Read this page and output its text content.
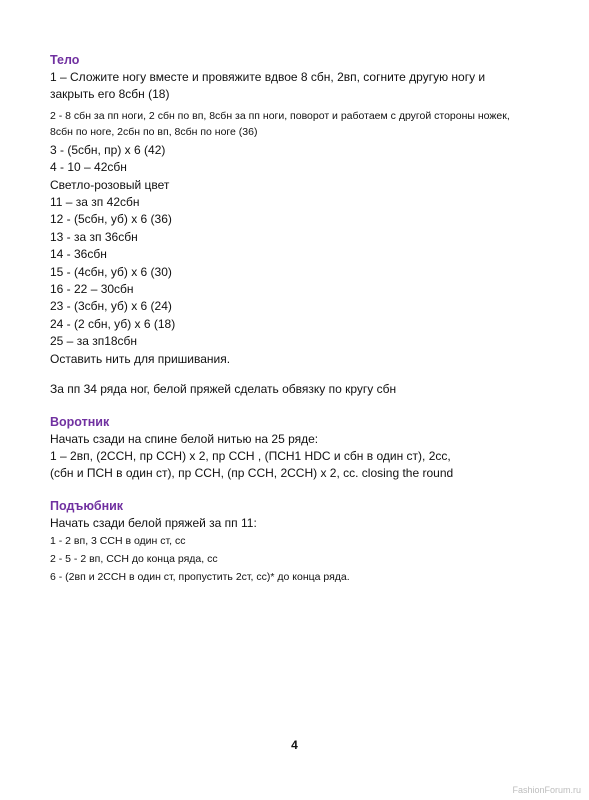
Тело

1 – Сложите ногу вместе и провяжите вдвое 8 сбн, 2вп, согните другую ногу и закрыть его 8сбн (18)

2 - 8 сбн за пп ноги, 2 сбн по вп, 8сбн за пп ноги, поворот и работаем с другой стороны ножек, 8сбн по ноге, 2сбн по вп, 8сбн по ноге (36)

3 - (5сбн, пр) x 6 (42)

4 - 10 – 42сбн

Светло-розовый цвет

11 – за зп 42сбн

12 - (5сбн, уб) x 6 (36)

13 - за зп 36сбн

14 - 36сбн

15 - (4сбн, уб) x 6 (30)

16 - 22 – 30сбн

23 - (3сбн, уб) x 6 (24)

24 - (2 сбн, уб) x 6 (18)

25 – за зп18сбн

Оставить нить для пришивания.

За пп 34 ряда ног, белой пряжей сделать обвязку по кругу сбн

Воротник

Начать сзади на спине белой нитью на 25 ряде:

1 – 2вп, (2ССН, пр ССН) x 2, пр ССН , (ПСН1 HDC и сбн в один ст), 2сс,

(сбн и ПСН в один ст), пр ССН, (пр ССН, 2ССН) x 2, сс. closing the round

Подъюбник

Начать сзади белой пряжей за пп 11:

1 - 2 вп, 3 ССН в один ст, сс

2 - 5 - 2 вп, ССН до конца ряда, сс

6 - (2вп и 2ССН в один ст, пропустить 2ст, сс)* до конца ряда.

4
FashionForum.ru
